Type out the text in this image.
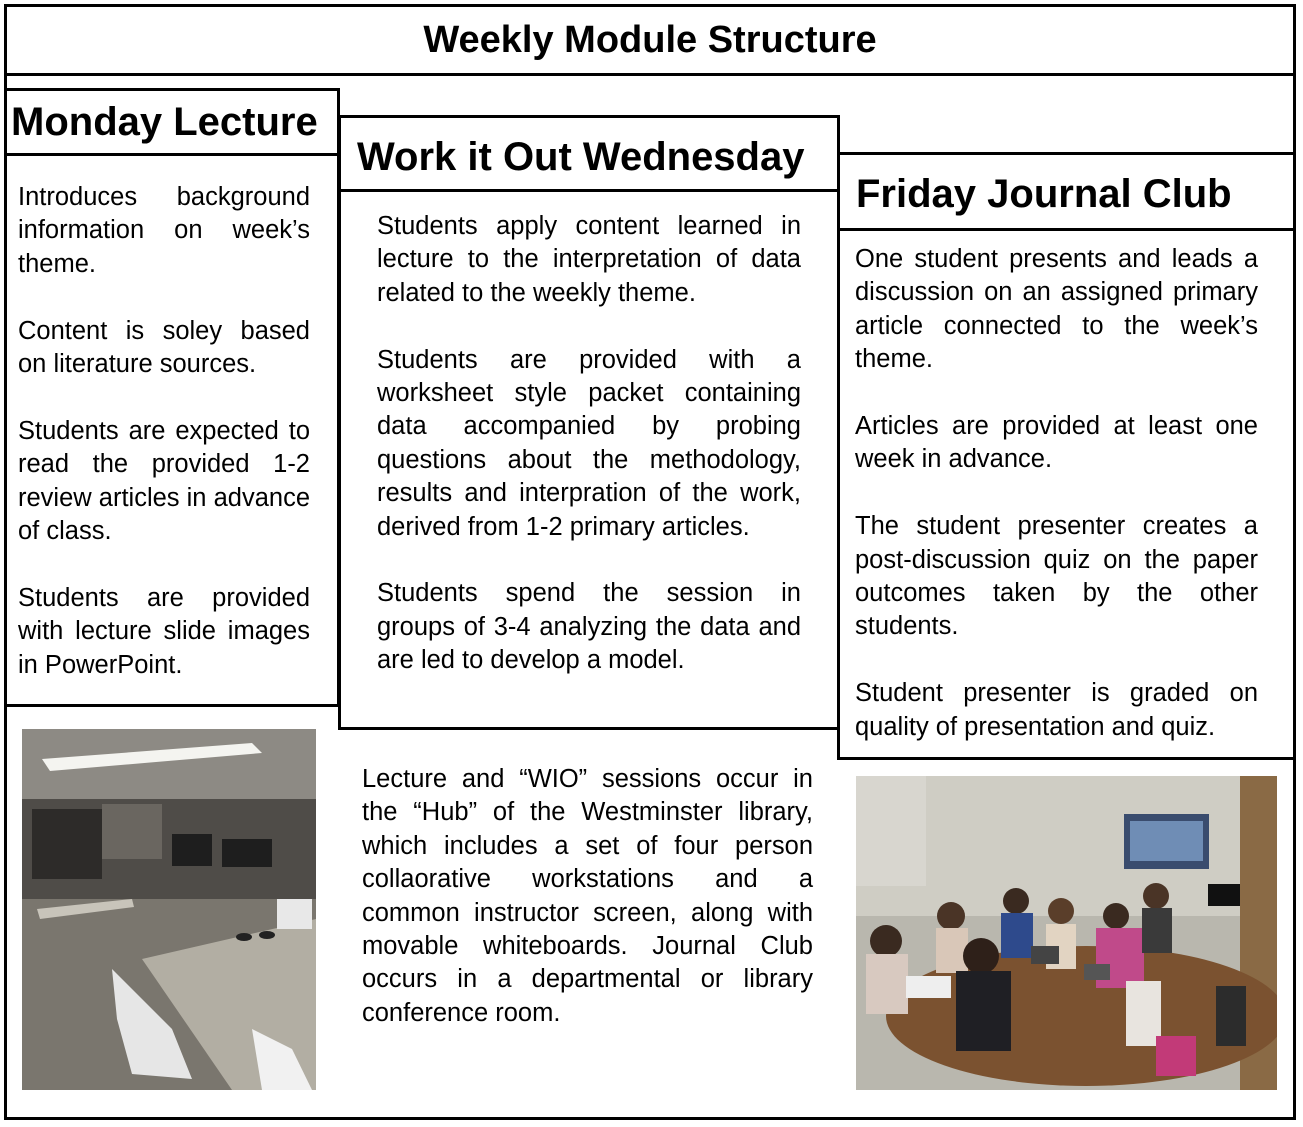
Weekly Module Structure
Monday Lecture

Introduces background information on week’s theme.

Content is soley based on literature sources.

Students are expected to read the provided 1-2 review articles in advance of class.

Students are provided with lecture slide images in PowerPoint.

Work it Out Wednesday

Students apply content learned in lecture to the interpretation of data related to the weekly theme.

Students are provided with a worksheet style packet containing data accompanied by probing questions about the methodology, results and interpration of the work, derived from 1-2 primary articles.

Students spend the session in groups of 3-4 analyzing the data and are led to develop a model.

Friday Journal Club

One student presents and leads a discussion on an assigned primary article connected to the week’s theme.

Articles are provided at least one week in advance.

The student presenter creates a post-discussion quiz on the paper outcomes taken by the other students.

Student presenter is graded on quality of presentation and quiz.

Lecture and “WIO” sessions occur in the “Hub” of the Westminster library, which includes a set of four person collaorative workstations and a common instructor screen, along with movable whiteboards. Journal Club occurs in a departmental or library conference room.
